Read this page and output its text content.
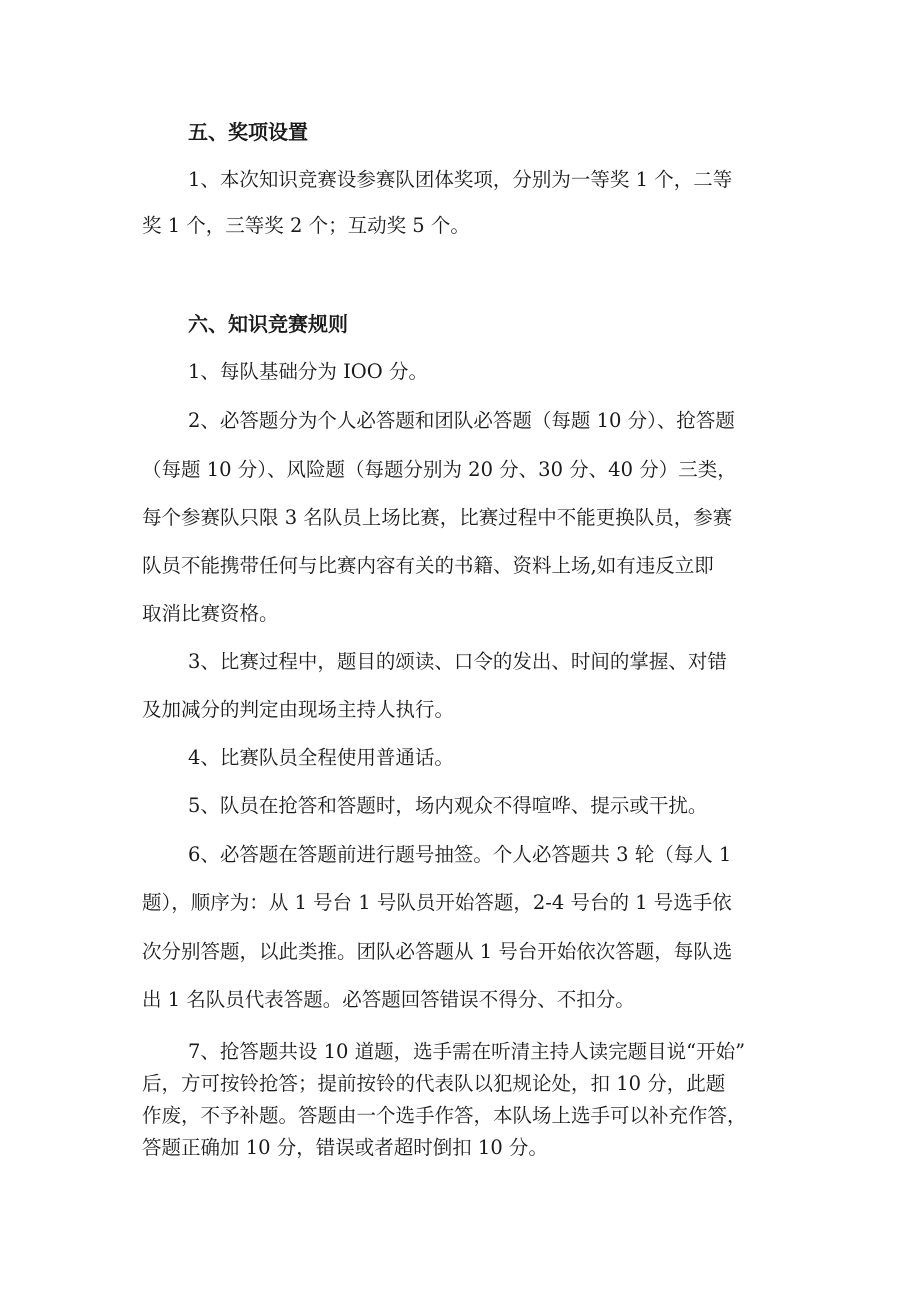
五、奖项设置
1、本次知识竞赛设参赛队团体奖项，分别为一等奖 1 个，二等
奖 1 个，三等奖 2 个；互动奖 5 个。
六、知识竞赛规则
1、每队基础分为 IOO 分。
2、必答题分为个人必答题和团队必答题（每题 10 分）、抢答题
（每题 10 分）、风险题（每题分别为 20 分、30 分、40 分）三类，
每个参赛队只限 3 名队员上场比赛，比赛过程中不能更换队员，参赛
队员不能携带任何与比赛内容有关的书籍、资料上场,如有违反立即
取消比赛资格。
3、比赛过程中，题目的颂读、口令的发出、时间的掌握、对错
及加减分的判定由现场主持人执行。
4、比赛队员全程使用普通话。
5、队员在抢答和答题时，场内观众不得喧哗、提示或干扰。
6、必答题在答题前进行题号抽签。个人必答题共 3 轮（每人 1
题），顺序为：从 1 号台 1 号队员开始答题，2-4 号台的 1 号选手依
次分别答题，以此类推。团队必答题从 1 号台开始依次答题，每队选
出 1 名队员代表答题。必答题回答错误不得分、不扣分。
7、抢答题共设 10 道题，选手需在听清主持人读完题目说“开始”
后，方可按铃抢答；提前按铃的代表队以犯规论处，扣 10 分，此题
作废，不予补题。答题由一个选手作答，本队场上选手可以补充作答，
答题正确加 10 分，错误或者超时倒扣 10 分。
